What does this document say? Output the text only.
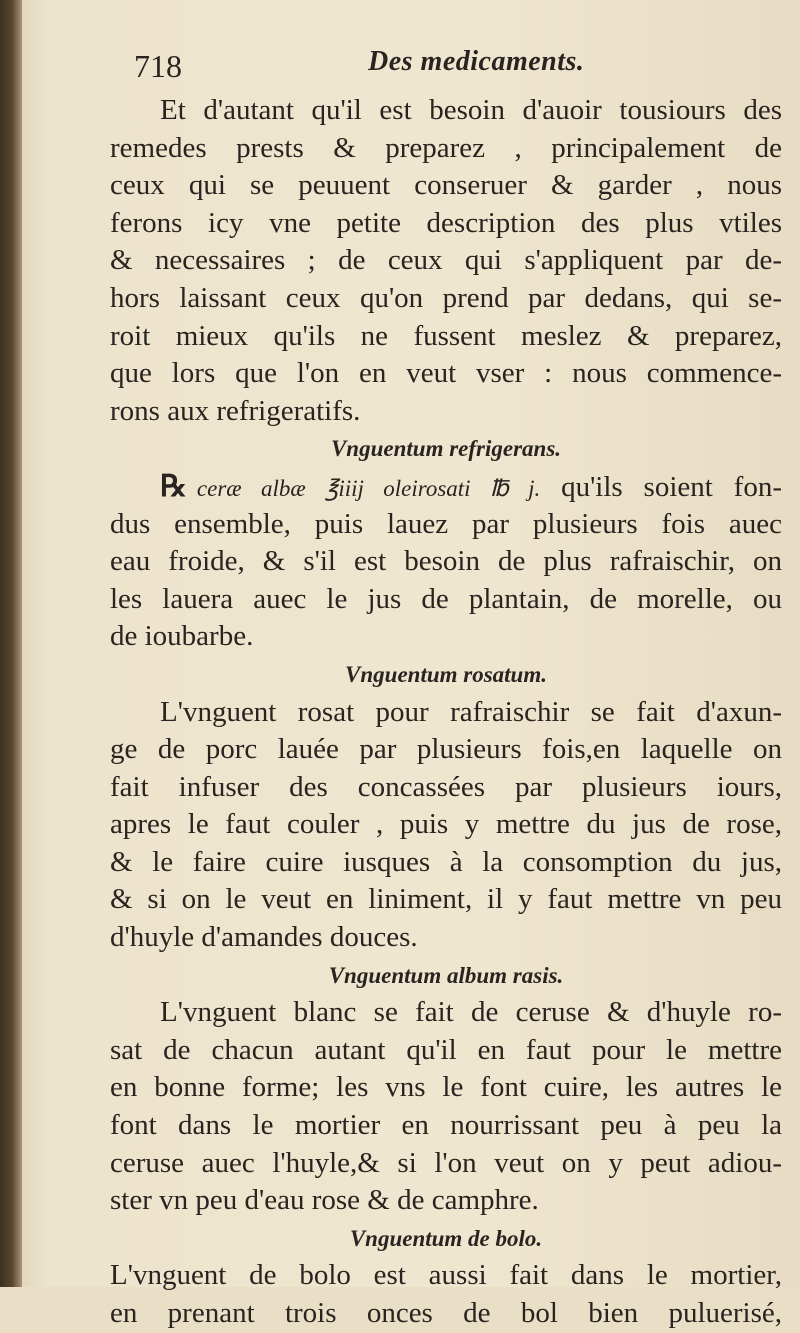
718	Des medicaments.
Et d'autant qu'il est besoin d'auoir tousiours des
remedes prests & preparez , principalement de
ceux qui se peuuent conseruer & garder , nous
ferons icy vne petite description des plus vtiles
& necessaires ; de ceux qui s'appliquent par de-
hors laissant ceux qu'on prend par dedans, qui se-
roit mieux qu'ils ne fussent meslez & preparez,
que lors que l'on en veut vser : nous commence-
rons aux refrigeratifs.
Vnguentum refrigerans.
℞ ceræ albæ ℥iiij oleirosati ℔ j. qu'ils soient fon-
dus ensemble, puis lauez par plusieurs fois auec
eau froide, & s'il est besoin de plus rafraischir, on
les lauera auec le jus de plantain, de morelle, ou
de ioubarbe.
Vnguentum rosatum.
L'vnguent rosat pour rafraischir se fait d'axun-
ge de porc lauée par plusieurs fois,en laquelle on
fait infuser des concassées par plusieurs iours,
apres le faut couler , puis y mettre du jus de rose,
& le faire cuire iusques à la consomption du jus,
& si on le veut en liniment, il y faut mettre vn peu
d'huyle d'amandes douces.
Vnguentum album rasis.
L'vnguent blanc se fait de ceruse & d'huyle ro-
sat de chacun autant qu'il en faut pour le mettre
en bonne forme; les vns le font cuire, les autres le
font dans le mortier en nourrissant peu à peu la
ceruse auec l'huyle,& si l'on veut on y peut adiou-
ster vn peu d'eau rose & de camphre.
Vnguentum de bolo.
L'vnguent de bolo est aussi fait dans le mortier,
en prenant trois onces de bol bien puluerisé,
